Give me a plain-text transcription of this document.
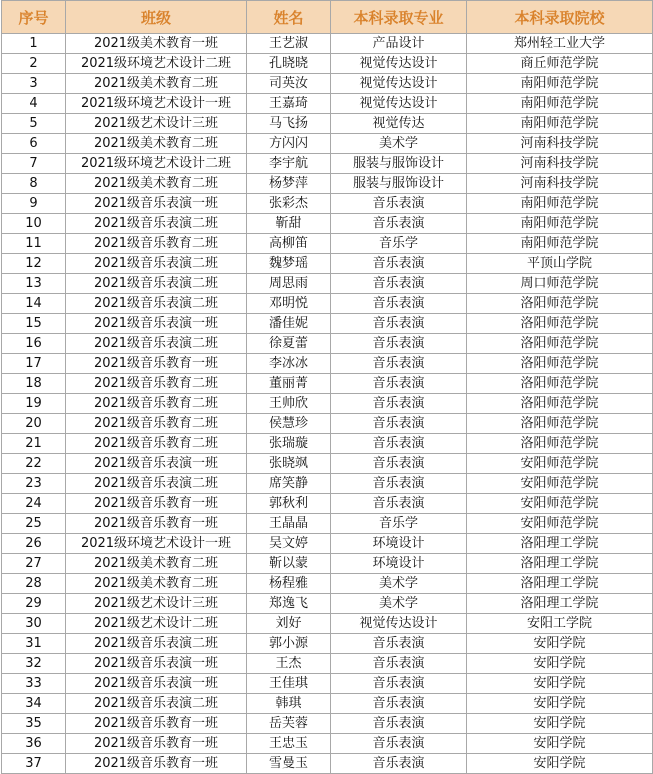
序号	班级	姓名	本科录取专业	本科录取院校
1	2021级美术教育一班	王艺淑	产品设计	郑州轻工业大学
2	2021级环境艺术设计二班	孔晓晓	视觉传达设计	商丘师范学院
3	2021级美术教育二班	司英汝	视觉传达设计	南阳师范学院
4	2021级环境艺术设计一班	王嘉琦	视觉传达设计	南阳师范学院
5	2021级艺术设计三班	马飞扬	视觉传达	南阳师范学院
6	2021级美术教育二班	方闪闪	美术学	河南科技学院
7	2021级环境艺术设计二班	李宇航	服装与服饰设计	河南科技学院
8	2021级美术教育二班	杨梦萍	服装与服饰设计	河南科技学院
9	2021级音乐表演一班	张彩杰	音乐表演	南阳师范学院
10	2021级音乐表演二班	靳甜	音乐表演	南阳师范学院
11	2021级音乐教育二班	高柳笛	音乐学	南阳师范学院
12	2021级音乐表演二班	魏梦瑶	音乐表演	平顶山学院
13	2021级音乐表演二班	周思雨	音乐表演	周口师范学院
14	2021级音乐表演二班	邓明悦	音乐表演	洛阳师范学院
15	2021级音乐表演一班	潘佳妮	音乐表演	洛阳师范学院
16	2021级音乐表演二班	徐夏蕾	音乐表演	洛阳师范学院
17	2021级音乐教育一班	李冰冰	音乐表演	洛阳师范学院
18	2021级音乐教育二班	董丽菁	音乐表演	洛阳师范学院
19	2021级音乐教育二班	王帅欣	音乐表演	洛阳师范学院
20	2021级音乐教育二班	侯慧珍	音乐表演	洛阳师范学院
21	2021级音乐教育二班	张瑞璇	音乐表演	洛阳师范学院
22	2021级音乐表演一班	张晓飒	音乐表演	安阳师范学院
23	2021级音乐表演二班	席笑静	音乐表演	安阳师范学院
24	2021级音乐教育一班	郭秋利	音乐表演	安阳师范学院
25	2021级音乐教育一班	王晶晶	音乐学	安阳师范学院
26	2021级环境艺术设计一班	吴文婷	环境设计	洛阳理工学院
27	2021级美术教育二班	靳以蒙	环境设计	洛阳理工学院
28	2021级美术教育二班	杨程雅	美术学	洛阳理工学院
29	2021级艺术设计三班	郑逸飞	美术学	洛阳理工学院
30	2021级艺术设计二班	刘好	视觉传达设计	安阳工学院
31	2021级音乐表演二班	郭小源	音乐表演	安阳学院
32	2021级音乐表演一班	王杰	音乐表演	安阳学院
33	2021级音乐表演一班	王佳琪	音乐表演	安阳学院
34	2021级音乐表演二班	韩琪	音乐表演	安阳学院
35	2021级音乐教育一班	岳芙蓉	音乐表演	安阳学院
36	2021级音乐教育一班	王忠玉	音乐表演	安阳学院
37	2021级音乐教育一班	雪曼玉	音乐表演	安阳学院
